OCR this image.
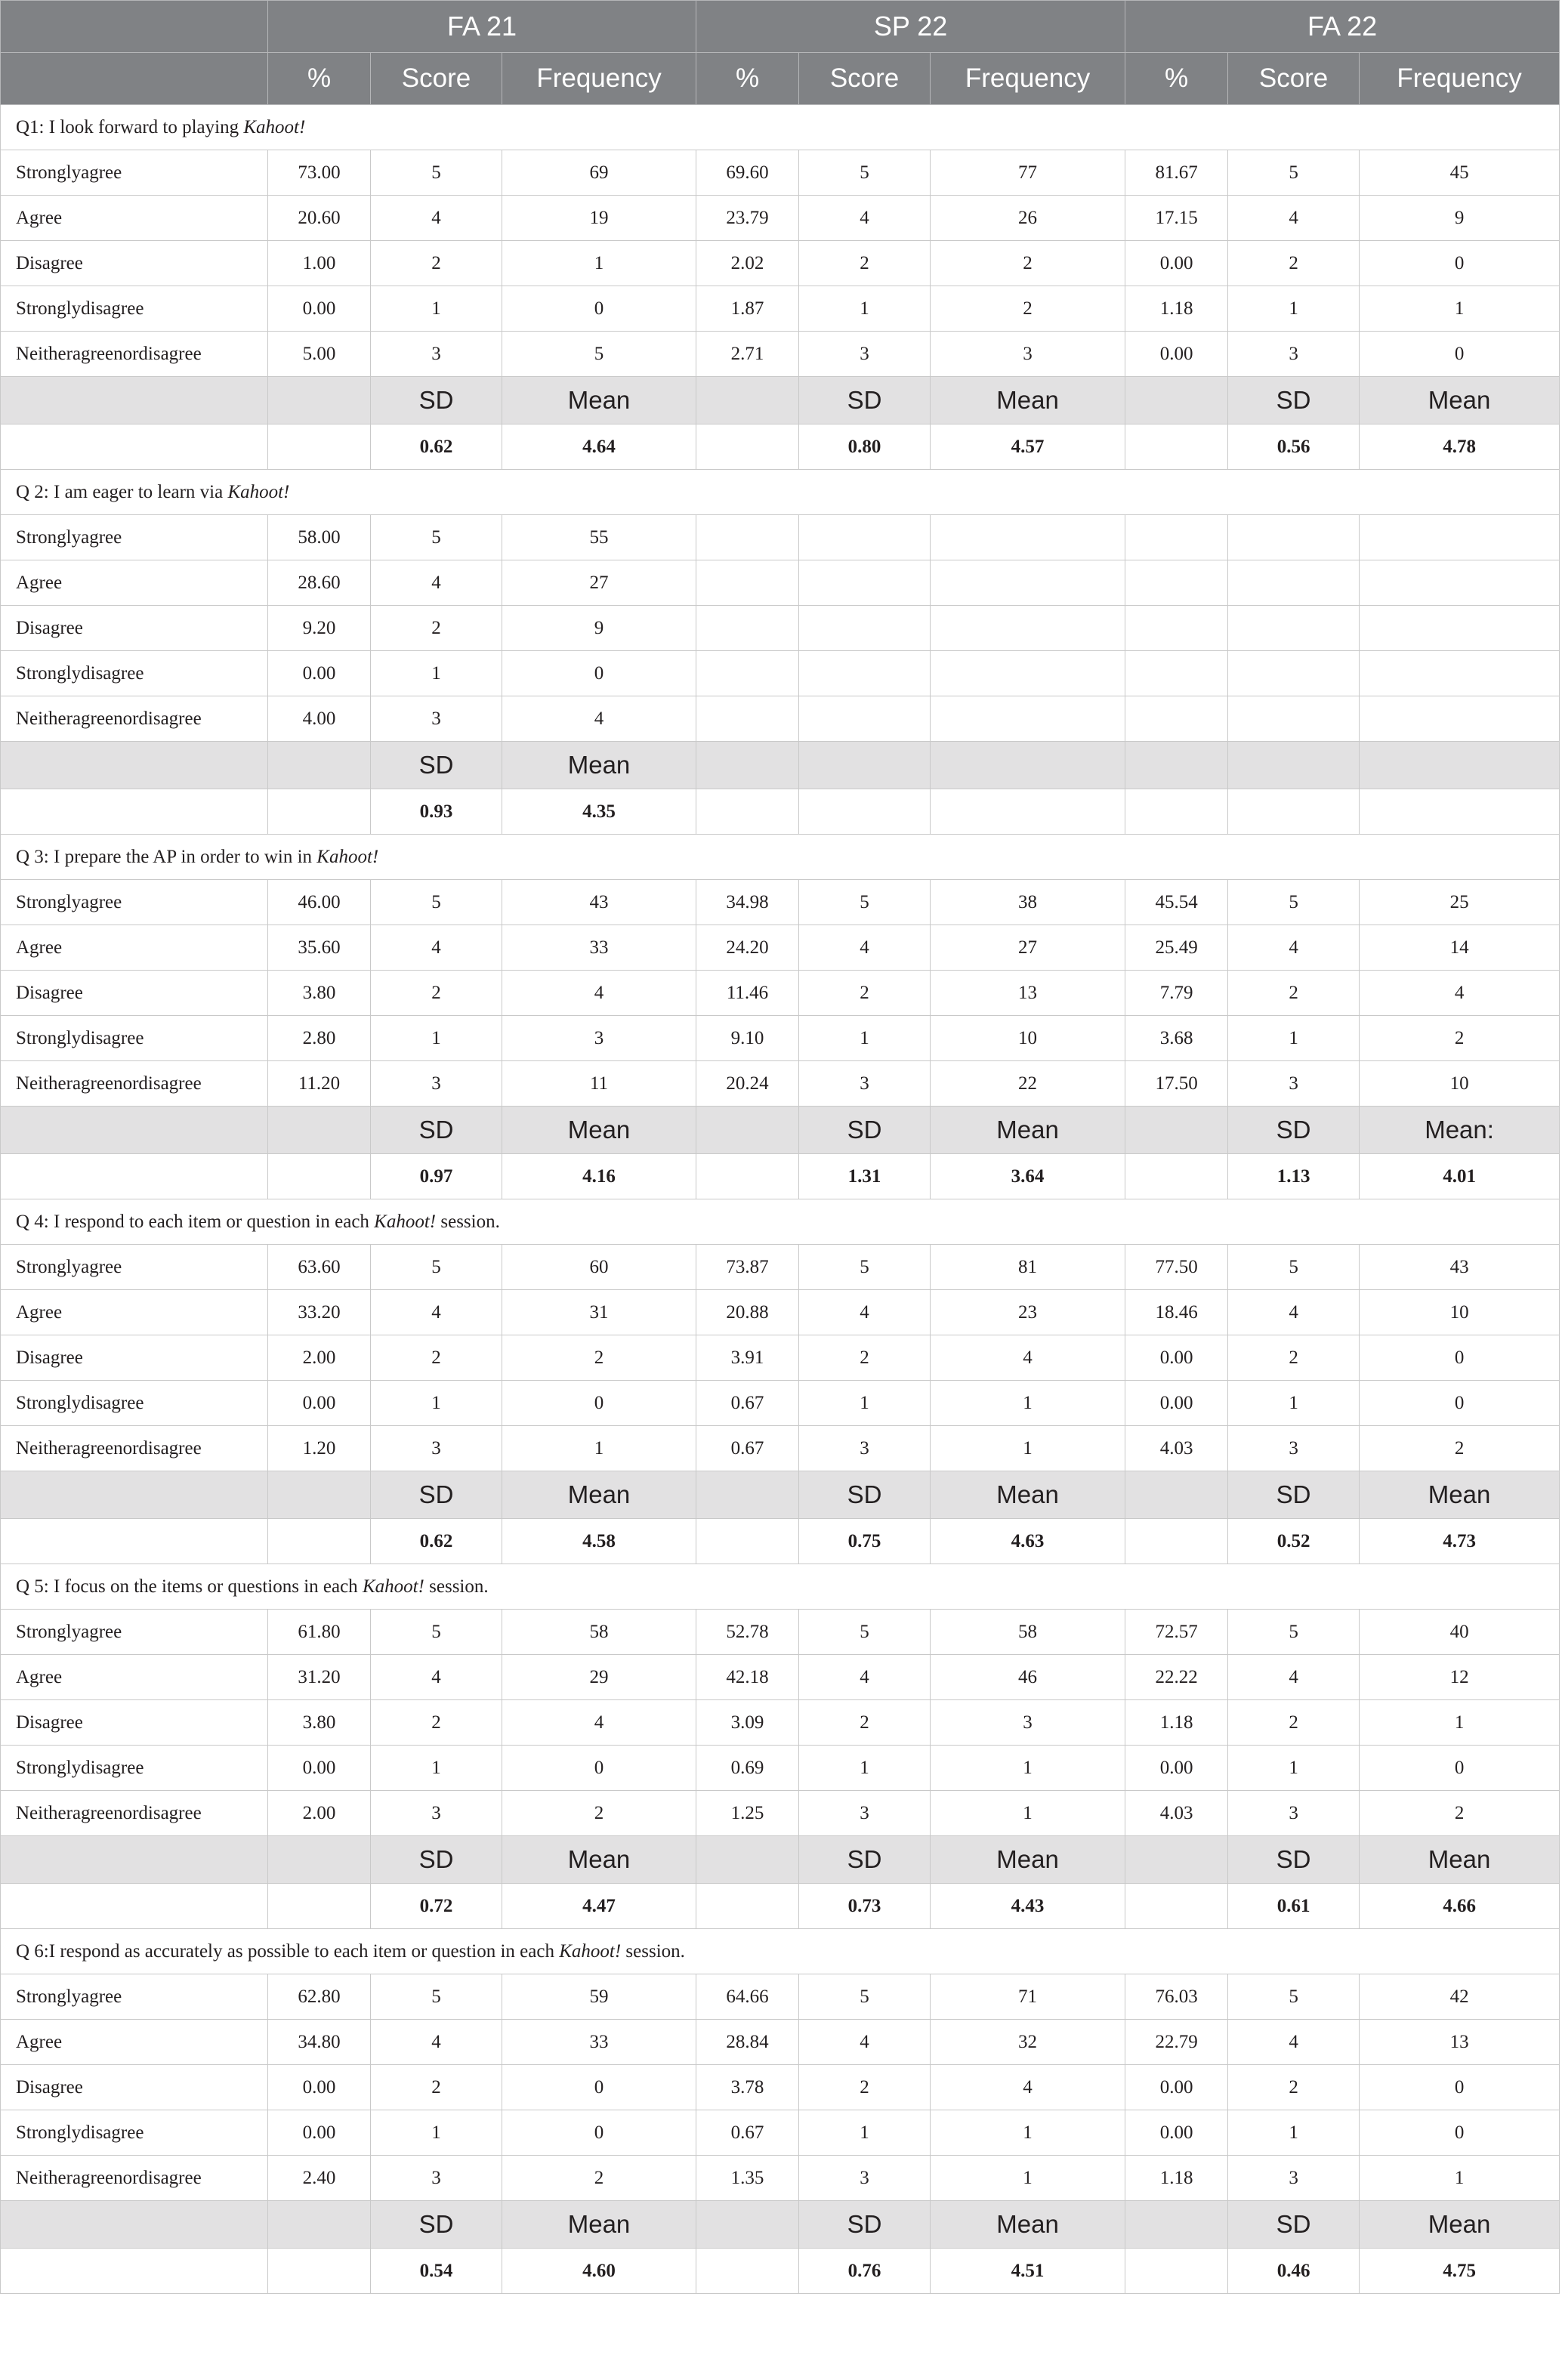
	FA 21			SP 22			FA 22		
	%	Score	Frequency	%	Score	Frequency	%	Score	Frequency
Q1: I look forward to playing Kahoot!									
Stronglyagree	73.00	5	69	69.60	5	77	81.67	5	45
Agree	20.60	4	19	23.79	4	26	17.15	4	9
Disagree	1.00	2	1	2.02	2	2	0.00	2	0
Stronglydisagree	0.00	1	0	1.87	1	2	1.18	1	1
Neitheragreenordisagree	5.00	3	5	2.71	3	3	0.00	3	0
		SD	Mean		SD	Mean		SD	Mean
		0.62	4.64		0.80	4.57		0.56	4.78
Q 2: I am eager to learn via Kahoot!									
Stronglyagree	58.00	5	55						
Agree	28.60	4	27						
Disagree	9.20	2	9						
Stronglydisagree	0.00	1	0						
Neitheragreenordisagree	4.00	3	4						
		SD	Mean						
		0.93	4.35						
Q 3: I prepare the AP in order to win in Kahoot!									
Stronglyagree	46.00	5	43	34.98	5	38	45.54	5	25
Agree	35.60	4	33	24.20	4	27	25.49	4	14
Disagree	3.80	2	4	11.46	2	13	7.79	2	4
Stronglydisagree	2.80	1	3	9.10	1	10	3.68	1	2
Neitheragreenordisagree	11.20	3	11	20.24	3	22	17.50	3	10
		SD	Mean		SD	Mean		SD	Mean:
		0.97	4.16		1.31	3.64		1.13	4.01
Q 4: I respond to each item or question in each Kahoot! session.									
Stronglyagree	63.60	5	60	73.87	5	81	77.50	5	43
Agree	33.20	4	31	20.88	4	23	18.46	4	10
Disagree	2.00	2	2	3.91	2	4	0.00	2	0
Stronglydisagree	0.00	1	0	0.67	1	1	0.00	1	0
Neitheragreenordisagree	1.20	3	1	0.67	3	1	4.03	3	2
		SD	Mean		SD	Mean		SD	Mean
		0.62	4.58		0.75	4.63		0.52	4.73
Q 5: I focus on the items or questions in each Kahoot! session.									
Stronglyagree	61.80	5	58	52.78	5	58	72.57	5	40
Agree	31.20	4	29	42.18	4	46	22.22	4	12
Disagree	3.80	2	4	3.09	2	3	1.18	2	1
Stronglydisagree	0.00	1	0	0.69	1	1	0.00	1	0
Neitheragreenordisagree	2.00	3	2	1.25	3	1	4.03	3	2
		SD	Mean		SD	Mean		SD	Mean
		0.72	4.47		0.73	4.43		0.61	4.66
Q 6:I respond as accurately as possible to each item or question in each Kahoot! session.									
Stronglyagree	62.80	5	59	64.66	5	71	76.03	5	42
Agree	34.80	4	33	28.84	4	32	22.79	4	13
Disagree	0.00	2	0	3.78	2	4	0.00	2	0
Stronglydisagree	0.00	1	0	0.67	1	1	0.00	1	0
Neitheragreenordisagree	2.40	3	2	1.35	3	1	1.18	3	1
		SD	Mean		SD	Mean		SD	Mean
		0.54	4.60		0.76	4.51		0.46	4.75
